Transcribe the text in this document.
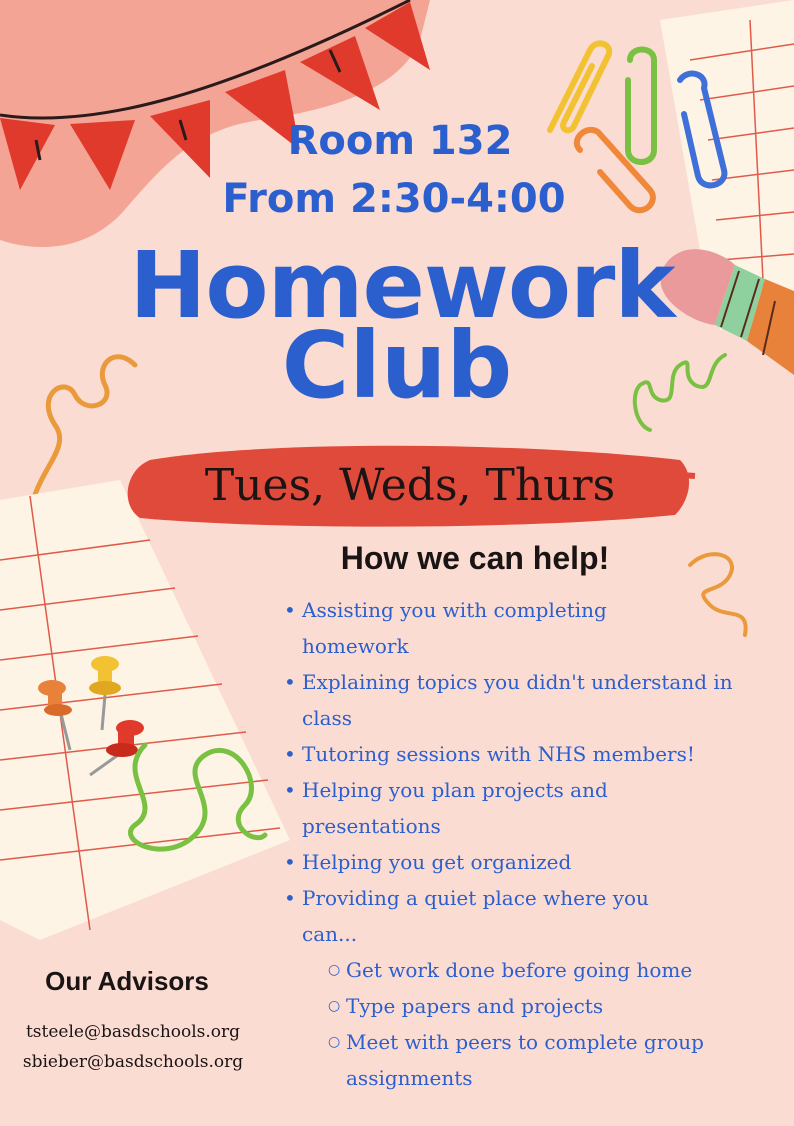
Room 132
From 2:30-4:00
Homework
Club
Tues, Weds, Thurs
How we can help!
• Assisting you with completing homework
• Explaining topics you didn't understand in class
• Tutoring sessions with NHS members!
• Helping you plan projects and presentations
• Helping you get organized
• Providing a quiet place where you can...
○ Get work done before going home
○ Type papers and projects
○ Meet with peers to complete group assignments
Our Advisors
tsteele@basdschools.org
sbieber@basdschools.org
